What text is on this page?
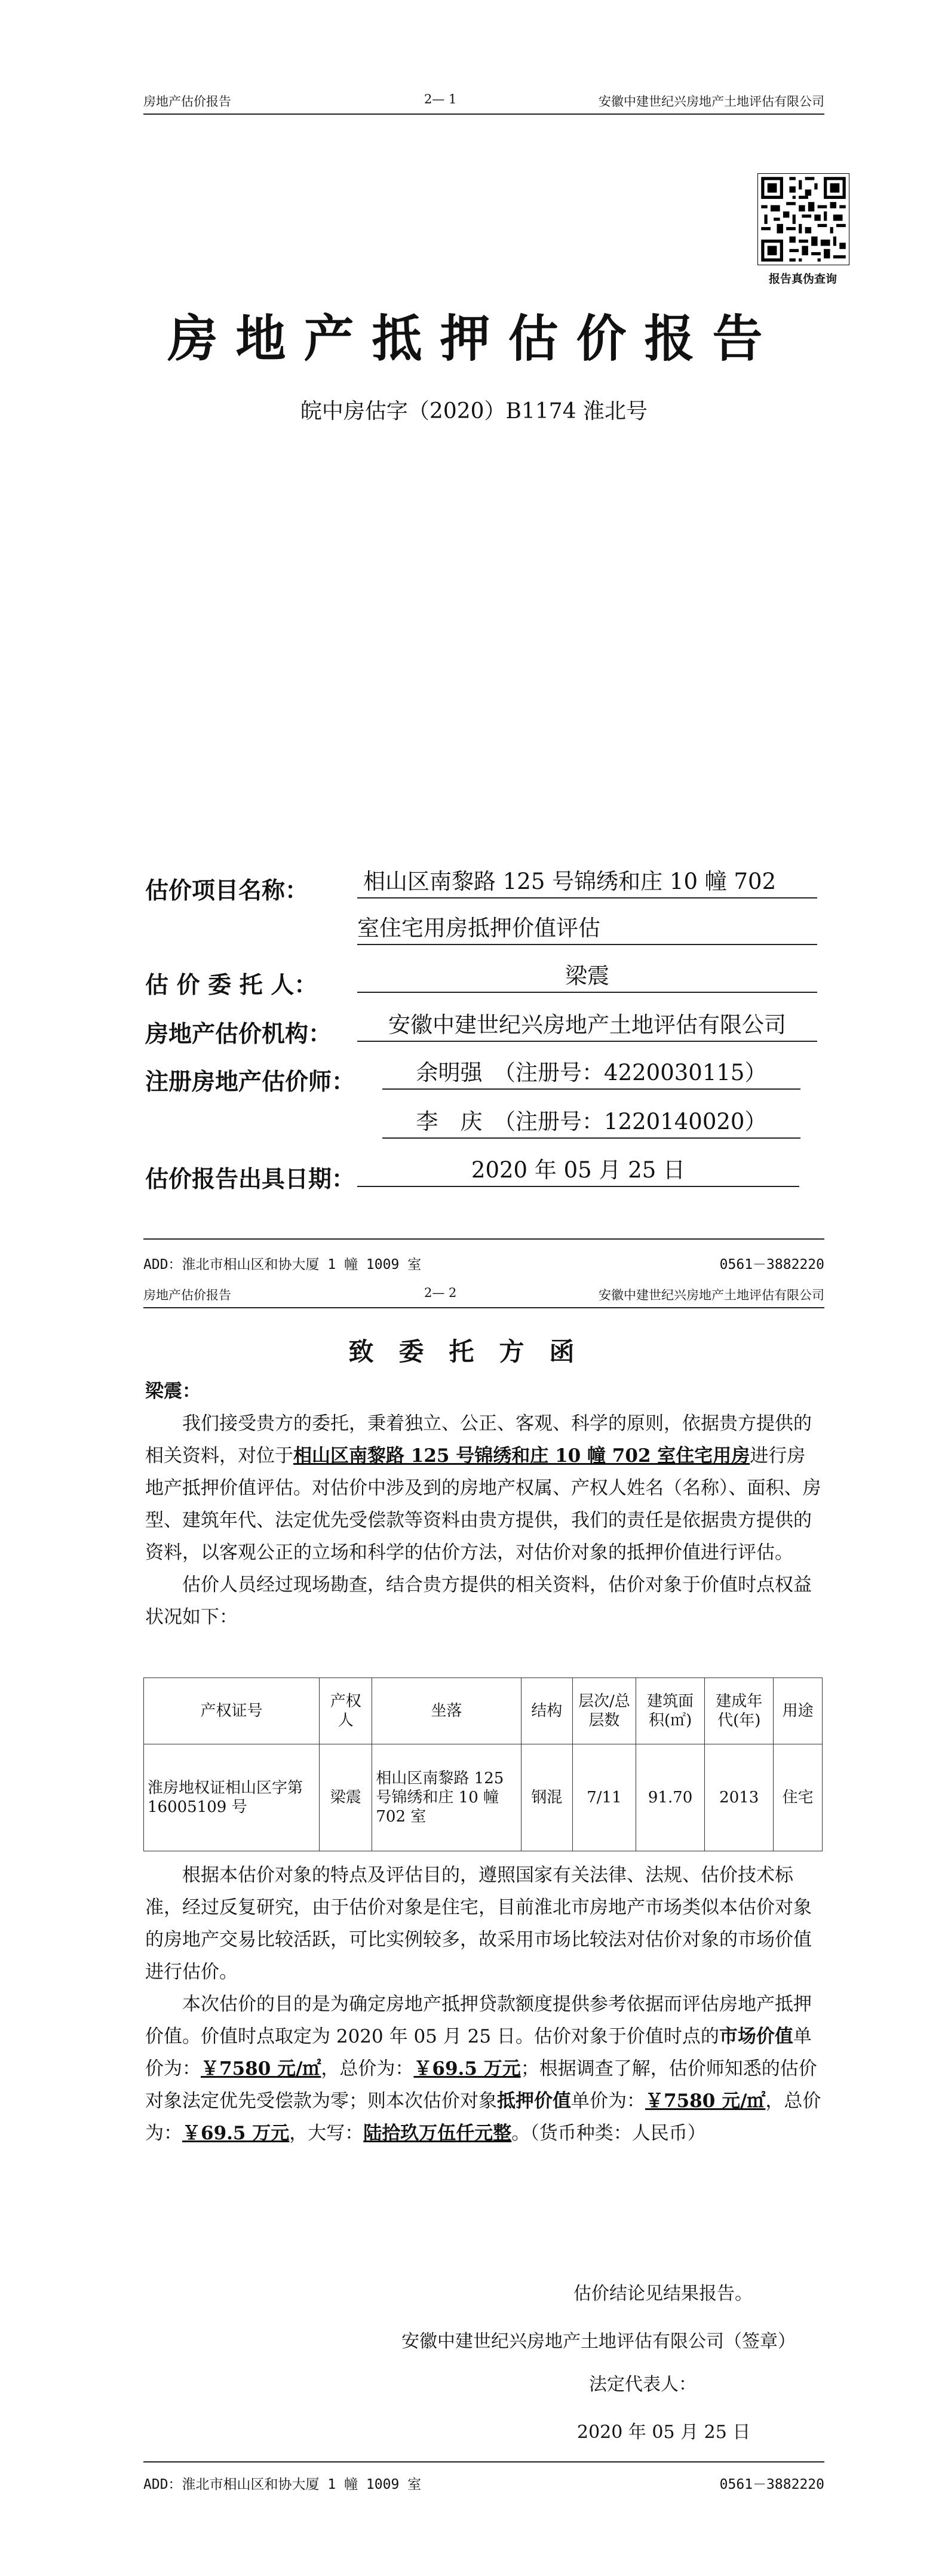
房地产估价报告	2— 1	安徽中建世纪兴房地产土地评估有限公司
报告真伪查询
房地产抵押估价报告
皖中房估字（2020）B1174 淮北号
估价项目名称： 相山区南黎路 125 号锦绣和庄 10 幢 702
室住宅用房抵押价值评估
估 价 委 托 人：	梁震
房地产估价机构：	安徽中建世纪兴房地产土地评估有限公司
注册房地产估价师：	余明强　（注册号：4220030115）
李　庆　（注册号：1220140020）
估价报告出具日期：	2020 年 05 月 25 日
ADD：淮北市相山区和协大厦 1 幢 1009 室	0561－3882220
房地产估价报告	2— 2	安徽中建世纪兴房地产土地评估有限公司
致委托方函
梁震：

我们接受贵方的委托，秉着独立、公正、客观、科学的原则，依据贵方提供的相关资料，对位于相山区南黎路 125 号锦绣和庄 10 幢 702 室住宅用房进行房地产抵押价值评估。对估价中涉及到的房地产权属、产权人姓名（名称）、面积、房型、建筑年代、法定优先受偿款等资料由贵方提供，我们的责任是依据贵方提供的资料，以客观公正的立场和科学的估价方法，对估价对象的抵押价值进行评估。

估价人员经过现场勘查，结合贵方提供的相关资料，估价对象于价值时点权益状况如下：

产权证号	产权人	坐落	结构	层次/总层数	建筑面积(㎡)	建成年代(年)	用途
淮房地权证相山区字第 16005109 号	梁震	相山区南黎路 125 号锦绣和庄 10 幢 702 室	钢混	7/11	91.70	2013	住宅

根据本估价对象的特点及评估目的，遵照国家有关法律、法规、估价技术标准，经过反复研究，由于估价对象是住宅，目前淮北市房地产市场类似本估价对象的房地产交易比较活跃，可比实例较多，故采用市场比较法对估价对象的市场价值进行估价。

本次估价的目的是为确定房地产抵押贷款额度提供参考依据而评估房地产抵押价值。价值时点取定为 2020 年 05 月 25 日。估价对象于价值时点的市场价值单价为：￥7580 元/㎡，总价为：￥69.5 万元；根据调查了解，估价师知悉的估价对象法定优先受偿款为零；则本次估价对象抵押价值单价为：￥7580 元/㎡，总价为：￥69.5 万元，大写：陆拾玖万伍仟元整。（货币种类：人民币）

估价结论见结果报告。
安徽中建世纪兴房地产土地评估有限公司（签章）
法定代表人：
2020 年 05 月 25 日
ADD：淮北市相山区和协大厦 1 幢 1009 室	0561－3882220
